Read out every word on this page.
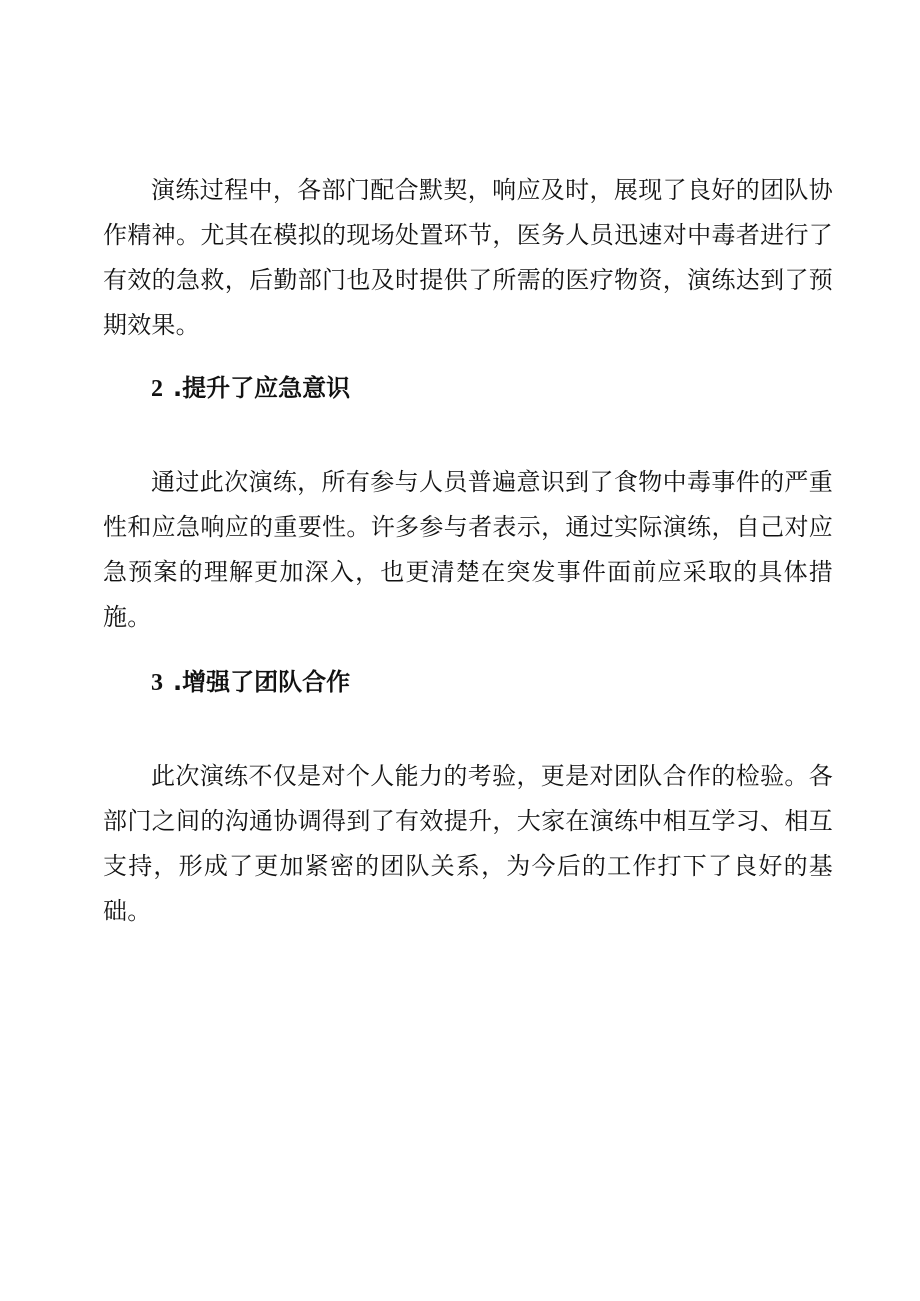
演练过程中，各部门配合默契，响应及时，展现了良好的团队协作精神。尤其在模拟的现场处置环节，医务人员迅速对中毒者进行了有效的急救，后勤部门也及时提供了所需的医疗物资，演练达到了预期效果。

2 .提升了应急意识

通过此次演练，所有参与人员普遍意识到了食物中毒事件的严重性和应急响应的重要性。许多参与者表示，通过实际演练，自己对应急预案的理解更加深入，也更清楚在突发事件面前应采取的具体措施。

3 .增强了团队合作

此次演练不仅是对个人能力的考验，更是对团队合作的检验。各部门之间的沟通协调得到了有效提升，大家在演练中相互学习、相互支持，形成了更加紧密的团队关系，为今后的工作打下了良好的基础。
